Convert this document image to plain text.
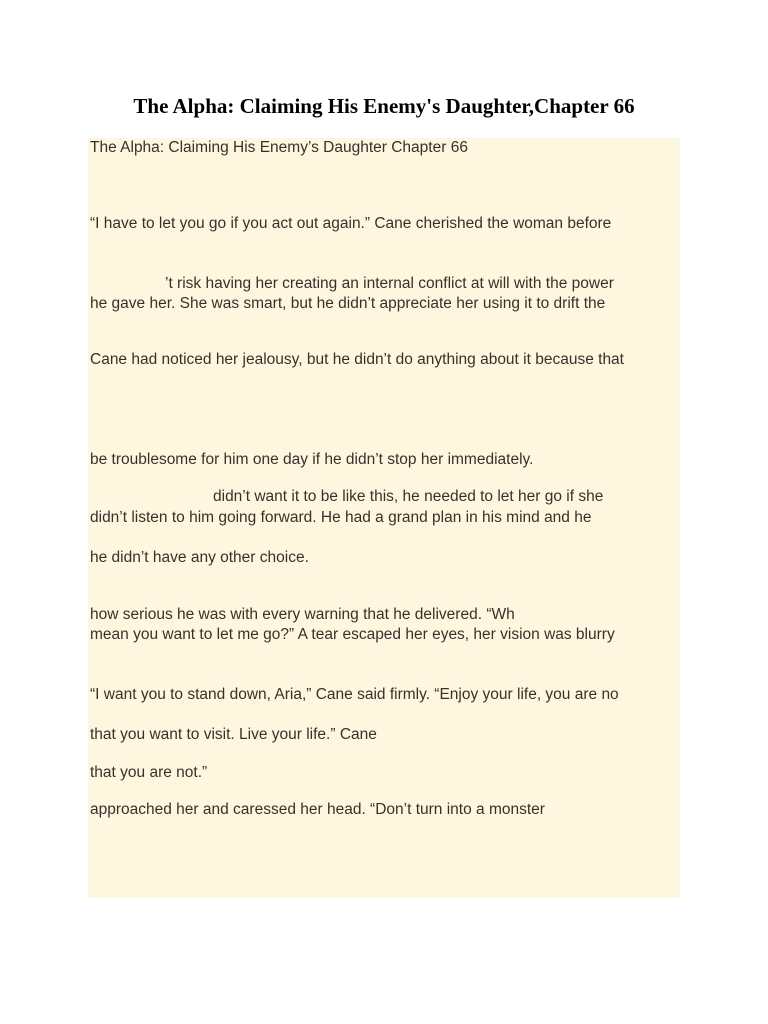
The Alpha: Claiming His Enemy's Daughter,Chapter 66

The Alpha: Claiming His Enemy’s Daughter Chapter 66

“I have to let you go if you act out again.” Cane cherished the woman before

’t risk having her creating an internal conflict at will with the power

he gave her. She was smart, but he didn’t appreciate her using it to drift the

Cane had noticed her jealousy, but he didn’t do anything about it because that

be troublesome for him one day if he didn’t stop her immediately.

didn’t want it to be like this, he needed to let her go if she

didn’t listen to him going forward. He had a grand plan in his mind and he

he didn’t have any other choice.

how serious he was with every warning that he delivered. “Wh

mean you want to let me go?” A tear escaped her eyes, her vision was blurry

“I want you to stand down, Aria,” Cane said firmly. “Enjoy your life, you are no

that you want to visit. Live your life.” Cane

that you are not.”

approached her and caressed her head. “Don’t turn into a monster
